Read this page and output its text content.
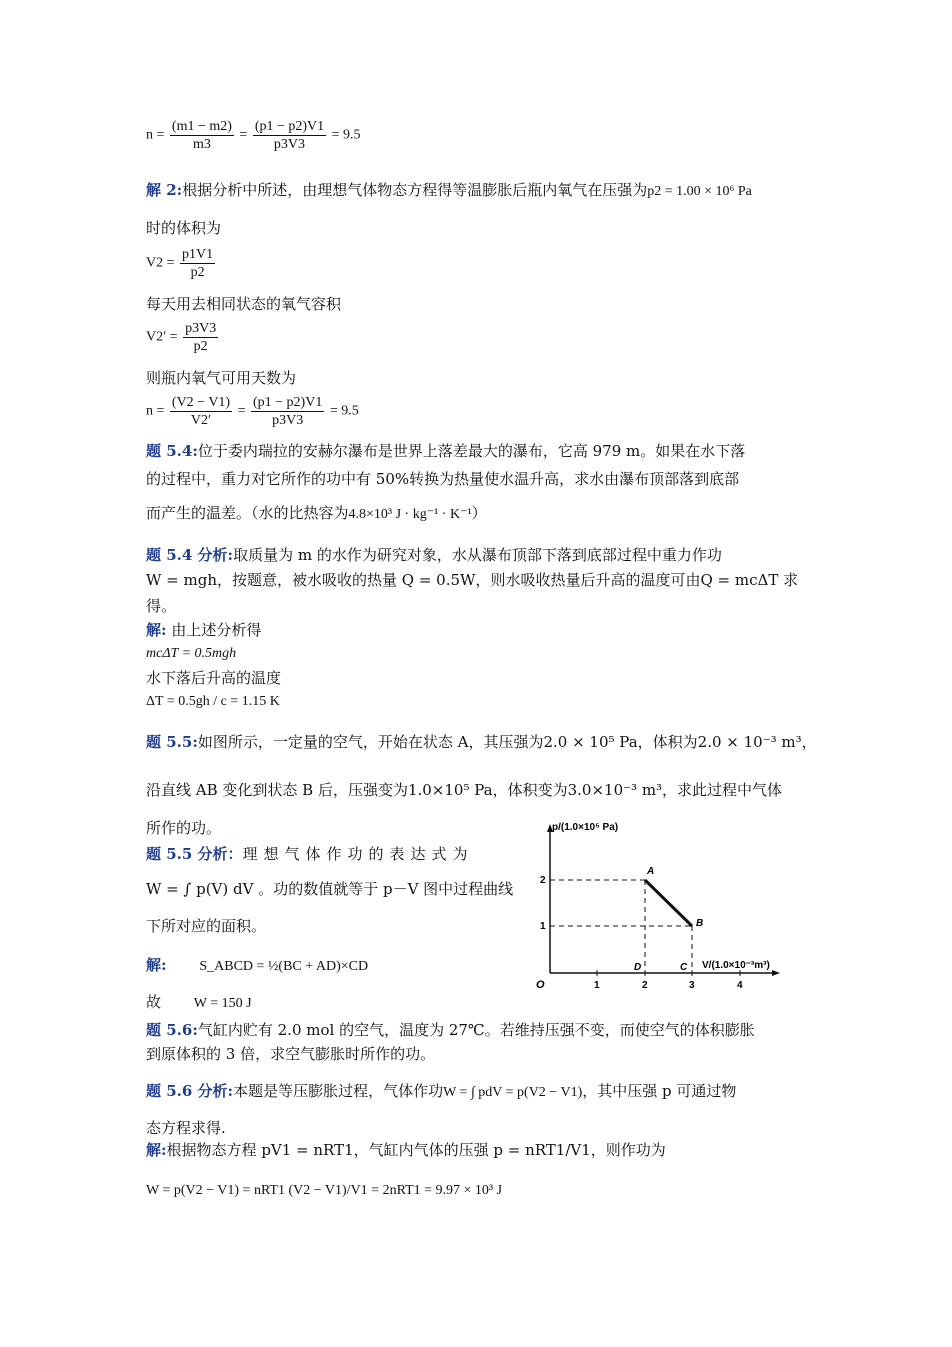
$n = \frac{(m1 - m2)}{m3} = \frac{(p1 - p2)V1}{p3V3} = 9.5$
解 2:根据分析中所述，由理想气体物态方程得等温膨胀后瓶内氧气在压强为p2 = 1.00 × 10⁶ Pa
时的体积为
$V2 = \frac{p1V1}{p2}$
每天用去相同状态的氧气容积
$V2' = \frac{p3V3}{p2}$
则瓶内氧气可用天数为
$n = \frac{(V2 - V1)}{V2'} = \frac{(p1 - p2)V1}{p3V3} = 9.5$
题 5.4:位于委内瑞拉的安赫尔瀑布是世界上落差最大的瀑布，它高 979 m。如果在水下落
的过程中，重力对它所作的功中有 50%转换为热量使水温升高，求水由瀑布顶部落到底部
而产生的温差。（水的比热容为4.8×10³ J · kg⁻¹ · K⁻¹）
题 5.4 分析:取质量为 m 的水作为研究对象，水从瀑布顶部下落到底部过程中重力作功
W = mgh，按题意，被水吸收的热量 Q = 0.5W，则水吸收热量后升高的温度可由Q = mcΔT 求
得。
解: 由上述分析得
mcΔT = 0.5mgh
水下落后升高的温度
ΔT = 0.5gh / c = 1.15 K
题 5.5:如图所示，一定量的空气，开始在状态 A，其压强为2.0 × 10⁵ Pa，体积为2.0 × 10⁻³ m³，
沿直线 AB 变化到状态 B 后，压强变为1.0×10⁵ Pa，体积变为3.0×10⁻³ m³，求此过程中气体
所作的功。
题 5.5 分析：理想气体作功的表达式为
W = ∫ p(V) dV 。功的数值就等于 p－V 图中过程曲线
下所对应的面积。
解: S_ABCD = ½(BC + AD)×CD
故 W = 150 J
p/(1.0×10⁵ Pa)
A
B
D	C V/(1.0×10⁻³m³)
O
2
1
1	2	3	4
题 5.6:气缸内贮有 2.0 mol 的空气，温度为 27℃。若维持压强不变，而使空气的体积膨胀
到原体积的 3 倍，求空气膨胀时所作的功。
题 5.6 分析:本题是等压膨胀过程，气体作功W = ∫ pdV = p(V2 − V1)，其中压强 p 可通过物
态方程求得.
解:根据物态方程 pV1 = nRT1，气缸内气体的压强 p = nRT1/V1，则作功为
W = p(V2 − V1) = nRT1 (V2 − V1)/V1 = 2nRT1 = 9.97 × 10³ J
